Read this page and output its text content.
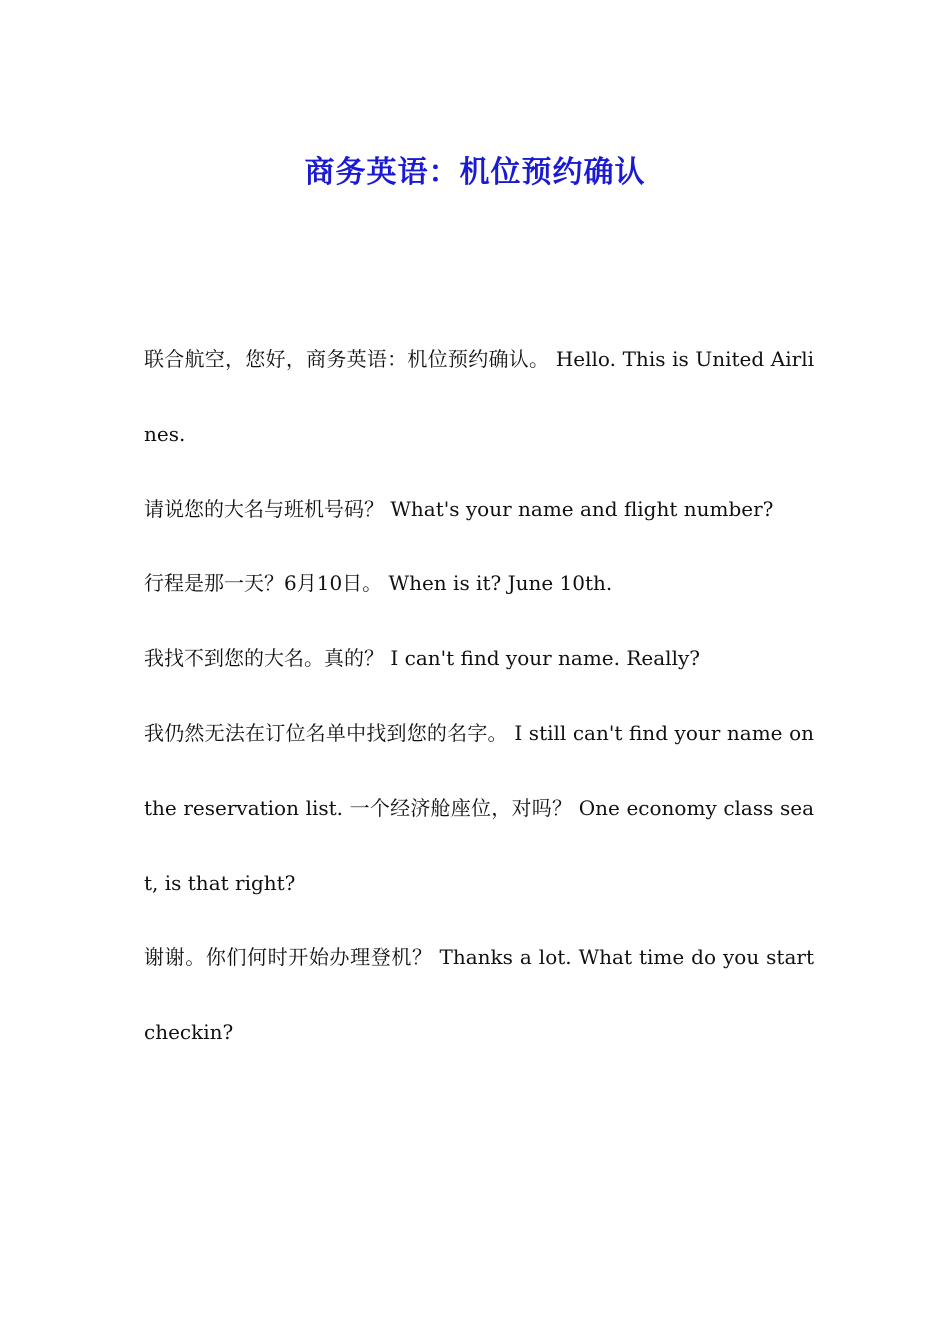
商务英语：机位预约确认

联合航空，您好，商务英语：机位预约确认。 Hello. This is United Airlines.

请说您的大名与班机号码？ What's your name and flight number?

行程是那一天？6月10日。 When is it? June 10th.

我找不到您的大名。真的？ I can't find your name. Really?

我仍然无法在订位名单中找到您的名字。 I still can't find your name on the reservation list. 一个经济舱座位，对吗？ One economy class seat, is that right?

谢谢。你们何时开始办理登机？ Thanks a lot. What time do you start checkin?
